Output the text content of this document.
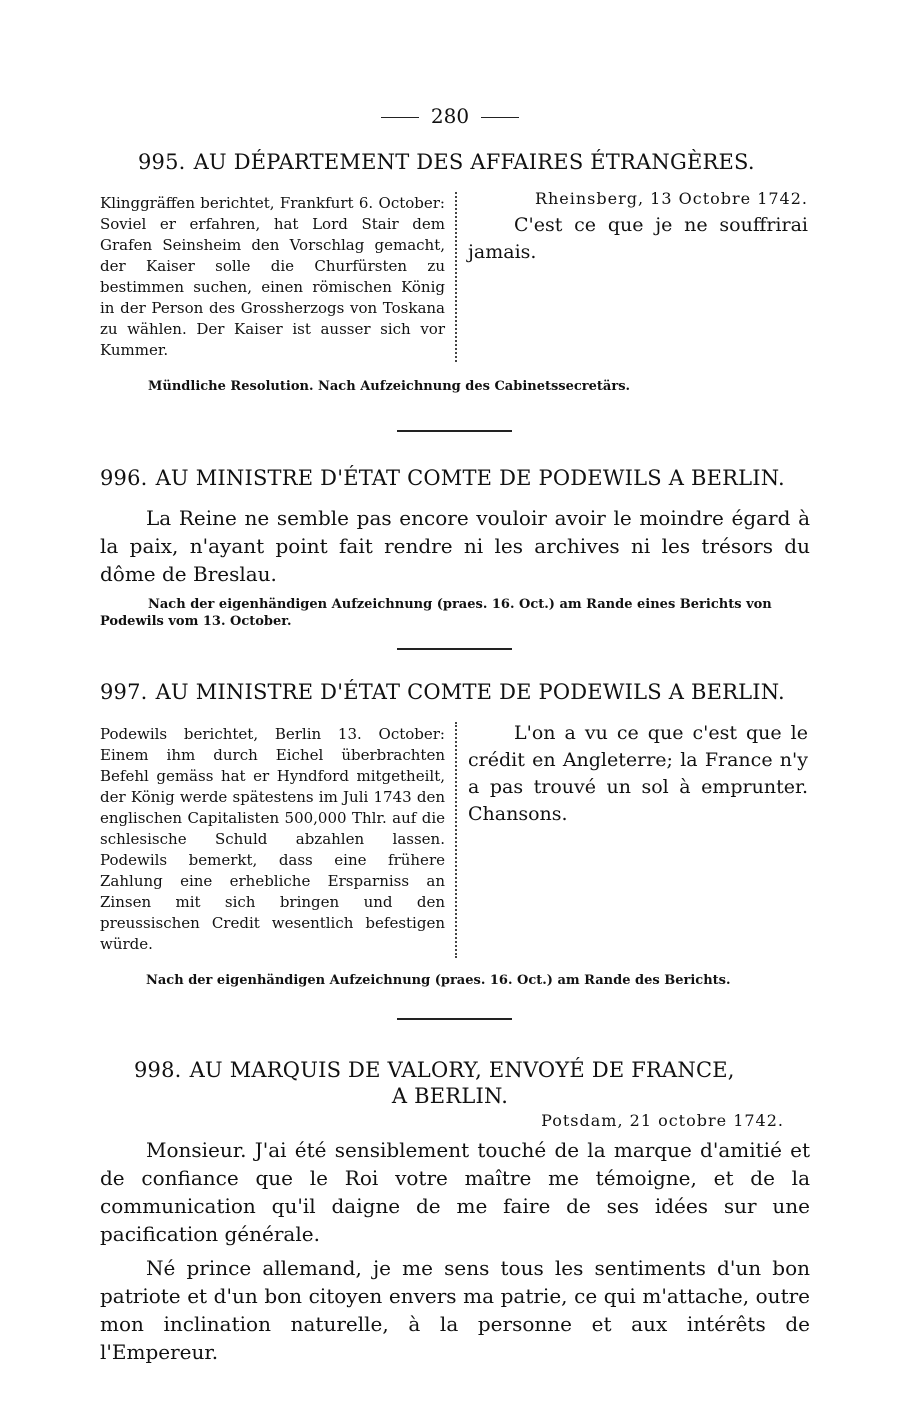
280
995. AU DÉPARTEMENT DES AFFAIRES ÉTRANGÈRES.
Klinggräffen berichtet, Frankfurt 6. October: Soviel er erfahren, hat Lord Stair dem Grafen Seinsheim den Vorschlag gemacht, der Kaiser solle die Churfürsten zu bestimmen suchen, einen römischen König in der Person des Grossherzogs von Toskana zu wählen. Der Kaiser ist ausser sich vor Kummer.
Rheinsberg, 13 Octobre 1742.
C'est ce que je ne souffrirai jamais.
Mündliche Resolution. Nach Aufzeichnung des Cabinetssecretärs.
996. AU MINISTRE D'ÉTAT COMTE DE PODEWILS A BERLIN.
La Reine ne semble pas encore vouloir avoir le moindre égard à la paix, n'ayant point fait rendre ni les archives ni les trésors du dôme de Breslau.
Nach der eigenhändigen Aufzeichnung (praes. 16. Oct.) am Rande eines Berichts von Podewils vom 13. October.
997. AU MINISTRE D'ÉTAT COMTE DE PODEWILS A BERLIN.
Podewils berichtet, Berlin 13. October: Einem ihm durch Eichel überbrachten Befehl gemäss hat er Hyndford mitgetheilt, der König werde spätestens im Juli 1743 den englischen Capitalisten 500,000 Thlr. auf die schlesische Schuld abzahlen lassen. Podewils bemerkt, dass eine frühere Zahlung eine erhebliche Ersparniss an Zinsen mit sich bringen und den preussischen Credit wesentlich befestigen würde.
L'on a vu ce que c'est que le crédit en Angleterre; la France n'y a pas trouvé un sol à emprunter. Chansons.
Nach der eigenhändigen Aufzeichnung (praes. 16. Oct.) am Rande des Berichts.
998. AU MARQUIS DE VALORY, ENVOYÉ DE FRANCE,
A BERLIN.
Potsdam, 21 octobre 1742.

Monsieur. J'ai été sensiblement touché de la marque d'amitié et de confiance que le Roi votre maître me témoigne, et de la communication qu'il daigne de me faire de ses idées sur une pacification générale.

Né prince allemand, je me sens tous les sentiments d'un bon patriote et d'un bon citoyen envers ma patrie, ce qui m'attache, outre mon inclination naturelle, à la personne et aux intérêts de l'Empereur.
